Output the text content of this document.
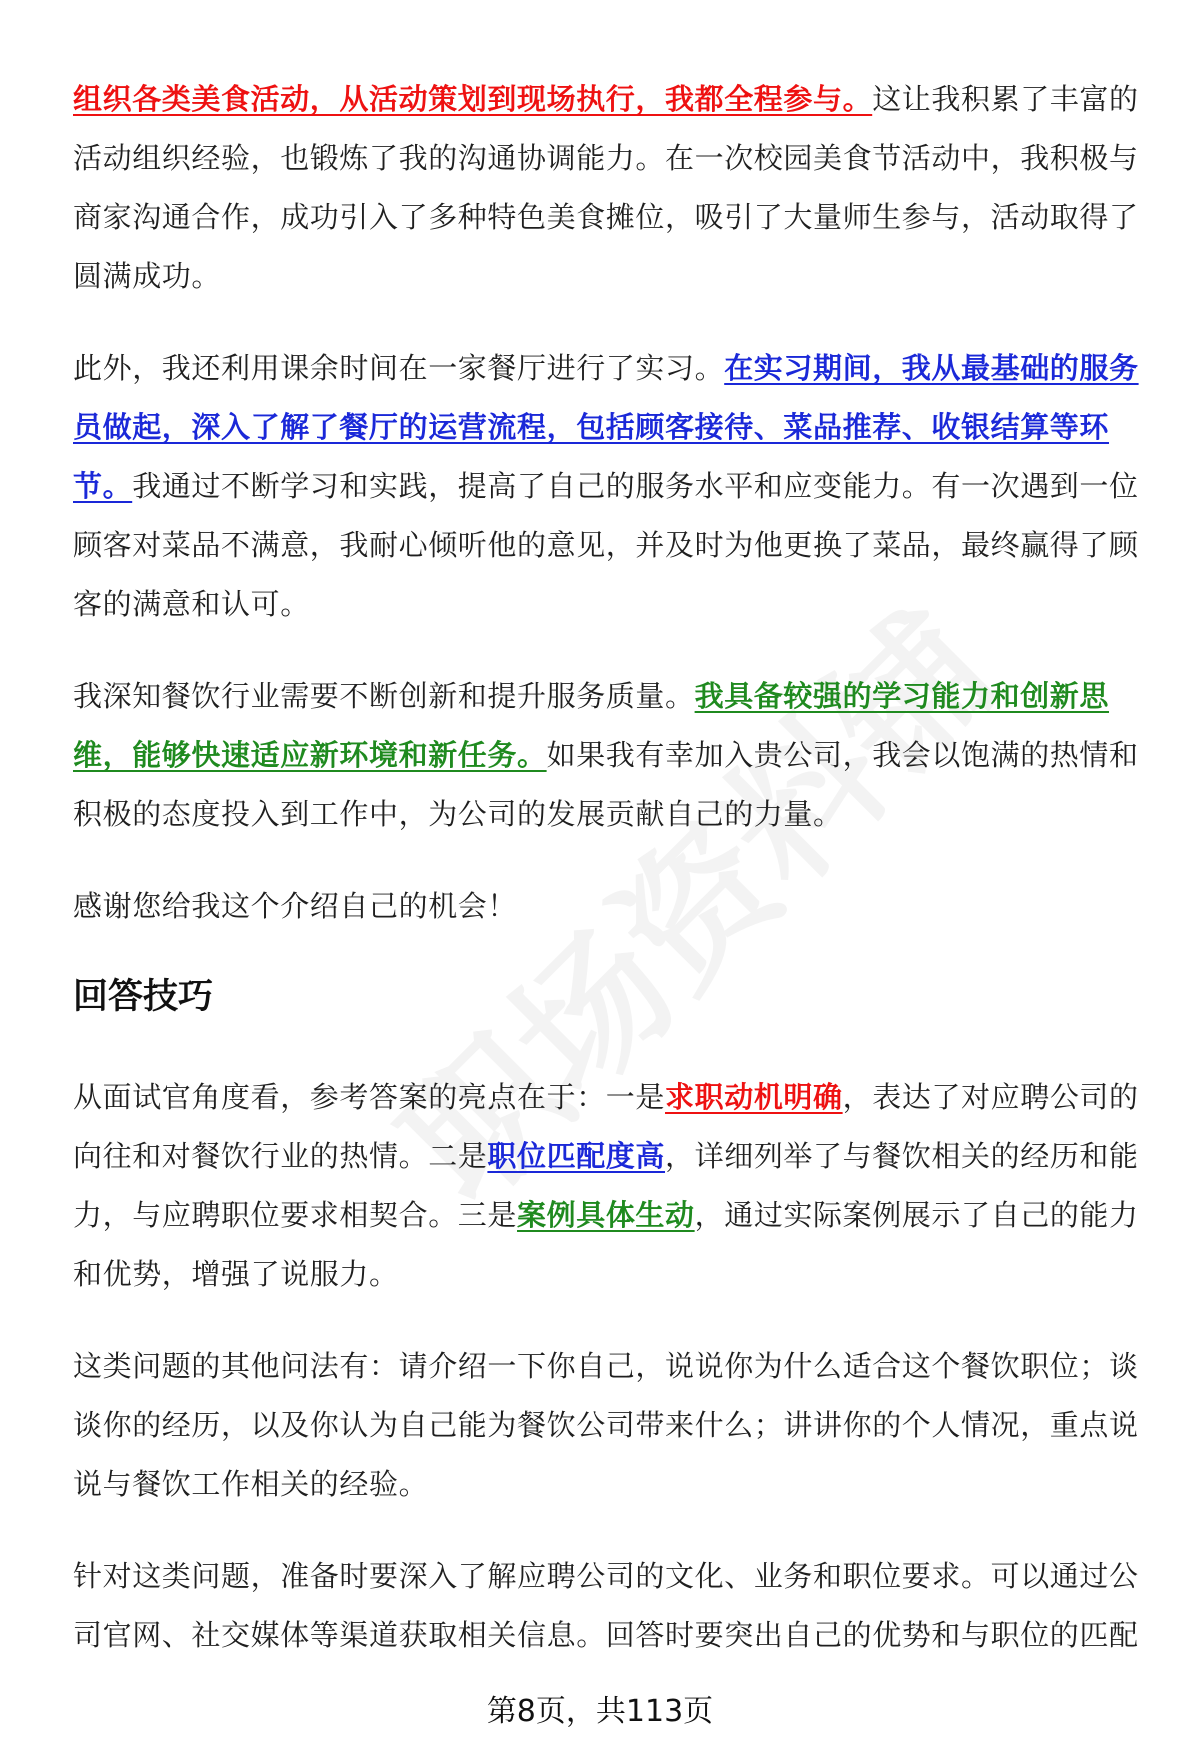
组织各类美食活动，从活动策划到现场执行，我都全程参与。这让我积累了丰富的活动组织经验，也锻炼了我的沟通协调能力。在一次校园美食节活动中，我积极与商家沟通合作，成功引入了多种特色美食摊位，吸引了大量师生参与，活动取得了圆满成功。

此外，我还利用课余时间在一家餐厅进行了实习。在实习期间，我从最基础的服务员做起，深入了解了餐厅的运营流程，包括顾客接待、菜品推荐、收银结算等环节。我通过不断学习和实践，提高了自己的服务水平和应变能力。有一次遇到一位顾客对菜品不满意，我耐心倾听他的意见，并及时为他更换了菜品，最终赢得了顾客的满意和认可。

我深知餐饮行业需要不断创新和提升服务质量。我具备较强的学习能力和创新思维，能够快速适应新环境和新任务。如果我有幸加入贵公司，我会以饱满的热情和积极的态度投入到工作中，为公司的发展贡献自己的力量。

感谢您给我这个介绍自己的机会！

回答技巧

从面试官角度看，参考答案的亮点在于：一是求职动机明确，表达了对应聘公司的向往和对餐饮行业的热情。二是职位匹配度高，详细列举了与餐饮相关的经历和能力，与应聘职位要求相契合。三是案例具体生动，通过实际案例展示了自己的能力和优势，增强了说服力。

这类问题的其他问法有：请介绍一下你自己，说说你为什么适合这个餐饮职位；谈谈你的经历，以及你认为自己能为餐饮公司带来什么；讲讲你的个人情况，重点说说与餐饮工作相关的经验。

针对这类问题，准备时要深入了解应聘公司的文化、业务和职位要求。可以通过公司官网、社交媒体等渠道获取相关信息。回答时要突出自己的优势和与职位的匹配

第8页，共113页
